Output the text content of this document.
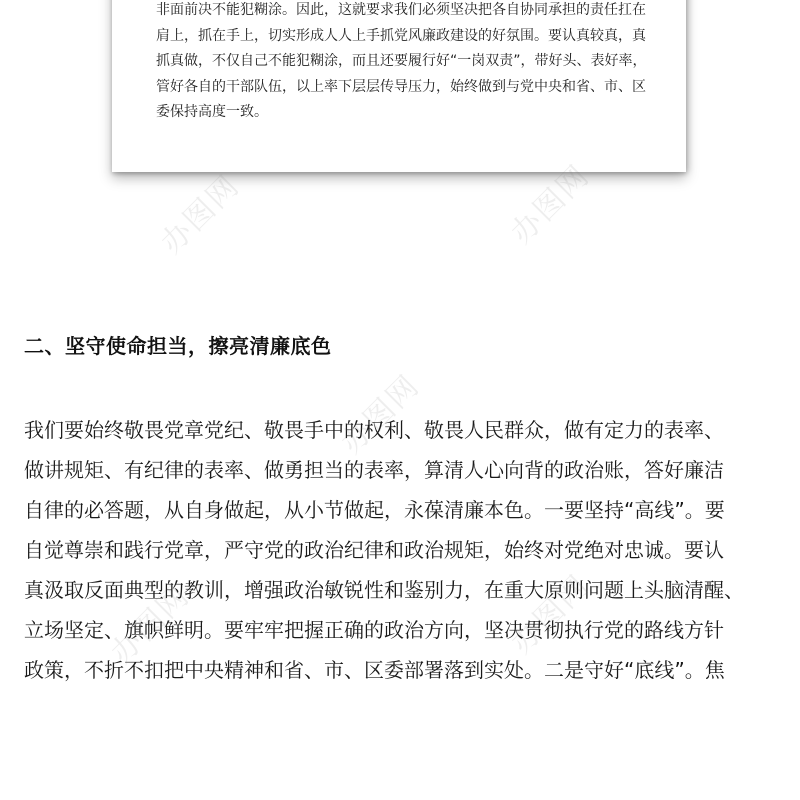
非面前决不能犯糊涂。因此，这就要求我们必须坚决把各自协同承担的责任扛在

肩上，抓在手上，切实形成人人上手抓党风廉政建设的好氛围。要认真较真，真

抓真做，不仅自己不能犯糊涂，而且还要履行好“一岗双责”，带好头、表好率，

管好各自的干部队伍，以上率下层层传导压力，始终做到与党中央和省、市、区

委保持高度一致。

二、坚守使命担当，擦亮清廉底色

我们要始终敬畏党章党纪、敬畏手中的权利、敬畏人民群众，做有定力的表率、

做讲规矩、有纪律的表率、做勇担当的表率，算清人心向背的政治账，答好廉洁

自律的必答题，从自身做起，从小节做起，永葆清廉本色。一要坚持“高线”。要

自觉尊崇和践行党章，严守党的政治纪律和政治规矩，始终对党绝对忠诚。要认

真汲取反面典型的教训，增强政治敏锐性和鉴别力，在重大原则问题上头脑清醒、

立场坚定、旗帜鲜明。要牢牢把握正确的政治方向，坚决贯彻执行党的路线方针

政策，不折不扣把中央精神和省、市、区委部署落到实处。二是守好“底线”。焦

办图网	办图网
办图网
办图网	办图网
